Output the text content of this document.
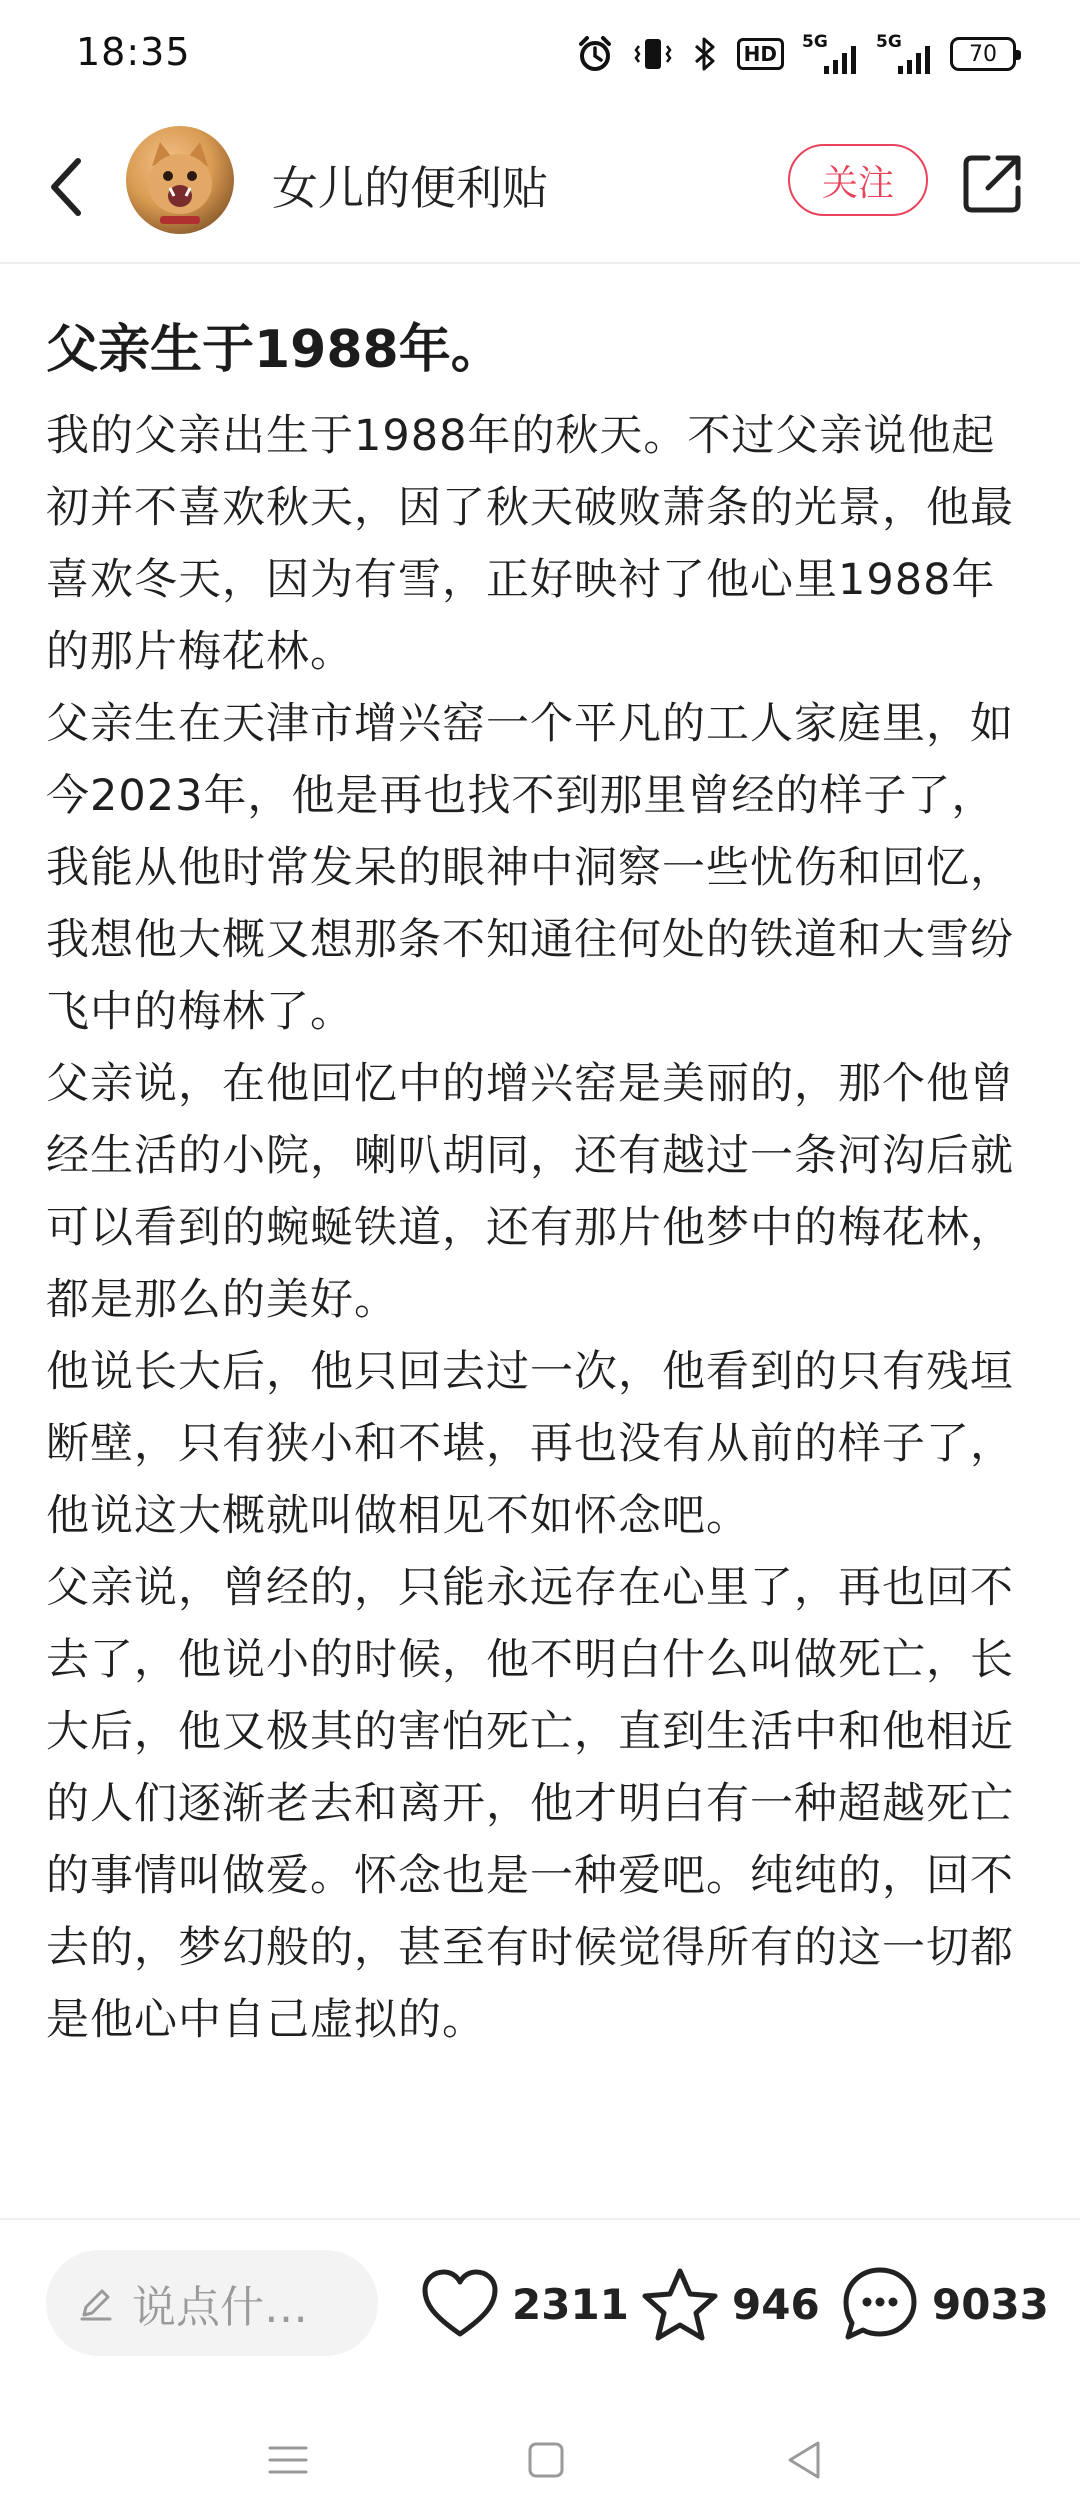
18:35	HD	5G	5G	70
女儿的便利贴	关注
父亲生于1988年。

我的父亲出生于1988年的秋天。不过父亲说他起初并不喜欢秋天，因了秋天破败萧条的光景，他最喜欢冬天，因为有雪，正好映衬了他心里1988年的那片梅花林。

父亲生在天津市增兴窑一个平凡的工人家庭里，如今2023年，他是再也找不到那里曾经的样子了，我能从他时常发呆的眼神中洞察一些忧伤和回忆，我想他大概又想那条不知通往何处的铁道和大雪纷飞中的梅林了。

父亲说，在他回忆中的增兴窑是美丽的，那个他曾经生活的小院，喇叭胡同，还有越过一条河沟后就可以看到的蜿蜒铁道，还有那片他梦中的梅花林，都是那么的美好。

他说长大后，他只回去过一次，他看到的只有残垣断壁，只有狭小和不堪，再也没有从前的样子了，他说这大概就叫做相见不如怀念吧。

父亲说，曾经的，只能永远存在心里了，再也回不去了，他说小的时候，他不明白什么叫做死亡，长大后，他又极其的害怕死亡，直到生活中和他相近的人们逐渐老去和离开，他才明白有一种超越死亡的事情叫做爱。怀念也是一种爱吧。纯纯的，回不去的，梦幻般的，甚至有时候觉得所有的这一切都是他心中自己虚拟的。

说点什…	2311 946	9033
